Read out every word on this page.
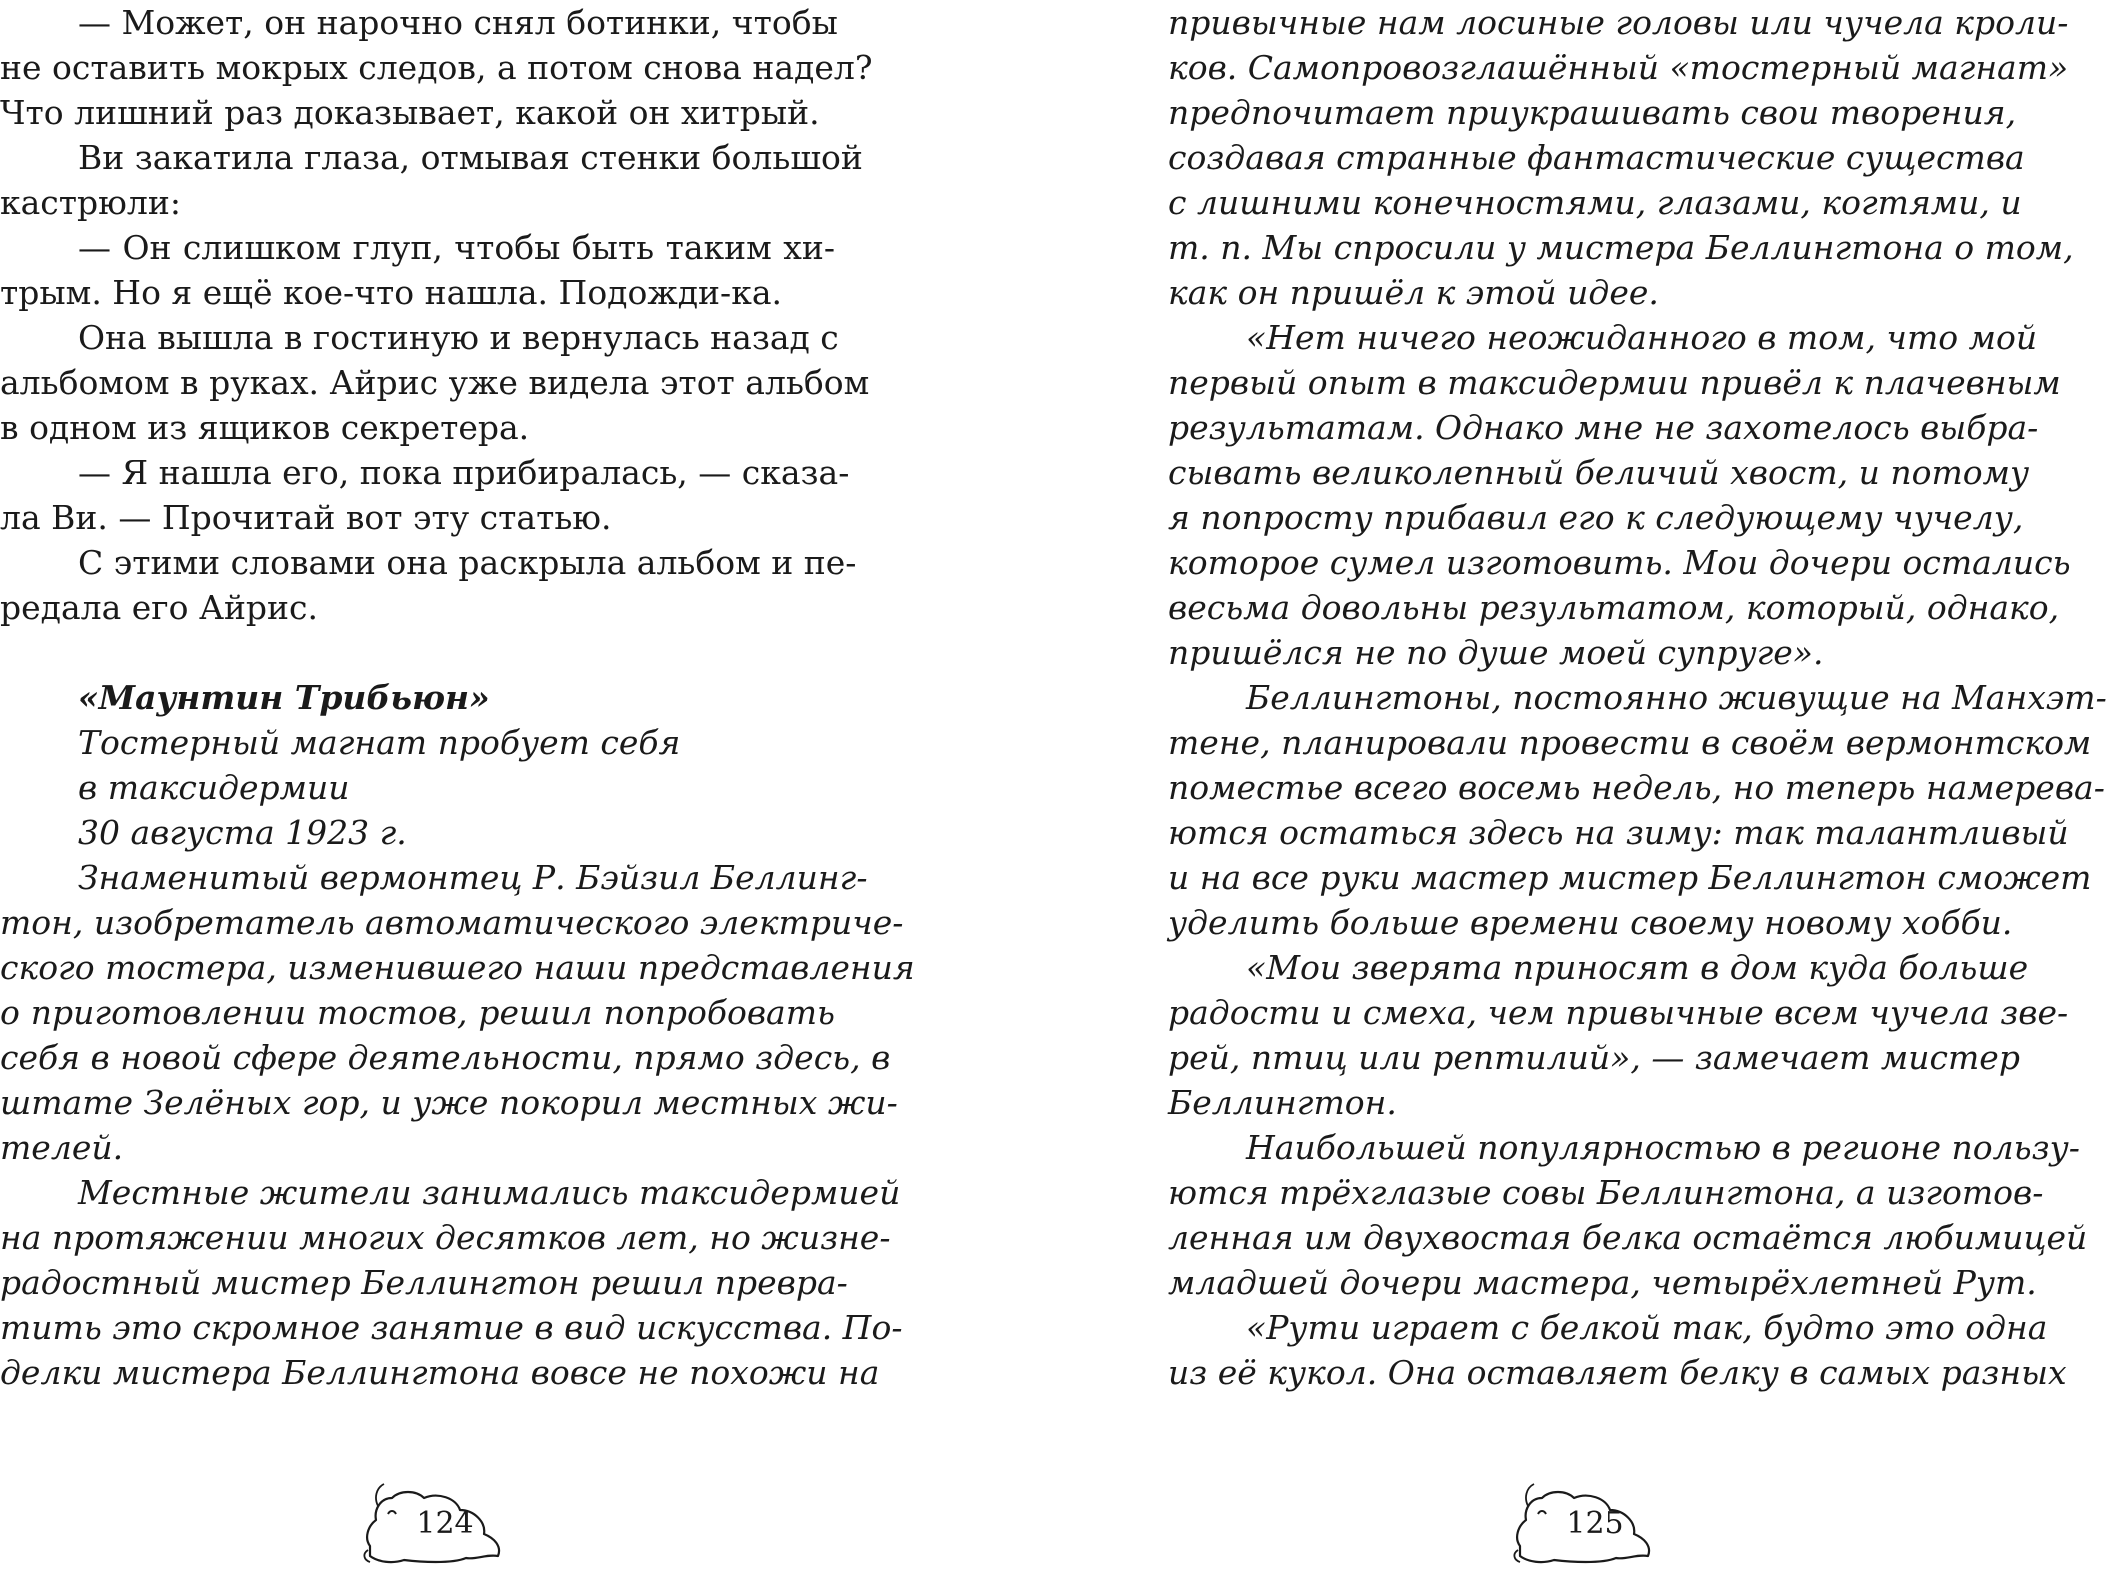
— Может, он нарочно снял ботинки, чтобы
не оставить мокрых следов, а потом снова надел?
Что лишний раз доказывает, какой он хитрый.
Ви закатила глаза, отмывая стенки большой
кастрюли:
— Он слишком глуп, чтобы быть таким хи-
трым. Но я ещё кое-что нашла. Подожди-ка.
Она вышла в гостиную и вернулась назад с
альбомом в руках. Айрис уже видела этот альбом
в одном из ящиков секретера.
— Я нашла его, пока прибиралась, — сказа-
ла Ви. — Прочитай вот эту статью.
С этими словами она раскрыла альбом и пе-
редала его Айрис.
«Маунтин Трибьюн»
Тостерный магнат пробует себя
в таксидермии
30 августа 1923 г.
Знаменитый вермонтец Р. Бэйзил Беллинг-
тон, изобретатель автоматического электриче-
ского тостера, изменившего наши представления
о приготовлении тостов, решил попробовать
себя в новой сфере деятельности, прямо здесь, в
штате Зелёных гор, и уже покорил местных жи-
телей.
Местные жители занимались таксидермией
на протяжении многих десятков лет, но жизне-
радостный мистер Беллингтон решил превра-
тить это скромное занятие в вид искусства. По-
делки мистера Беллингтона вовсе не похожи на
124
привычные нам лосиные головы или чучела кроли-
ков. Самопровозглашённый «тостерный магнат»
предпочитает приукрашивать свои творения,
создавая странные фантастические существа
с лишними конечностями, глазами, когтями, и
т. п. Мы спросили у мистера Беллингтона о том,
как он пришёл к этой идее.
«Нет ничего неожиданного в том, что мой
первый опыт в таксидермии привёл к плачевным
результатам. Однако мне не захотелось выбра-
сывать великолепный беличий хвост, и потому
я попросту прибавил его к следующему чучелу,
которое сумел изготовить. Мои дочери остались
весьма довольны результатом, который, однако,
пришёлся не по душе моей супруге».
Беллингтоны, постоянно живущие на Манхэт-
тене, планировали провести в своём вермонтском
поместье всего восемь недель, но теперь намерева-
ются остаться здесь на зиму: так талантливый
и на все руки мастер мистер Беллингтон сможет
уделить больше времени своему новому хобби.
«Мои зверята приносят в дом куда больше
радости и смеха, чем привычные всем чучела зве-
рей, птиц или рептилий», — замечает мистер
Беллингтон.
Наибольшей популярностью в регионе пользу-
ются трёхглазые совы Беллингтона, а изготов-
ленная им двухвостая белка остаётся любимицей
младшей дочери мастера, четырёхлетней Рут.
«Рути играет с белкой так, будто это одна
из её кукол. Она оставляет белку в самых разных
125
